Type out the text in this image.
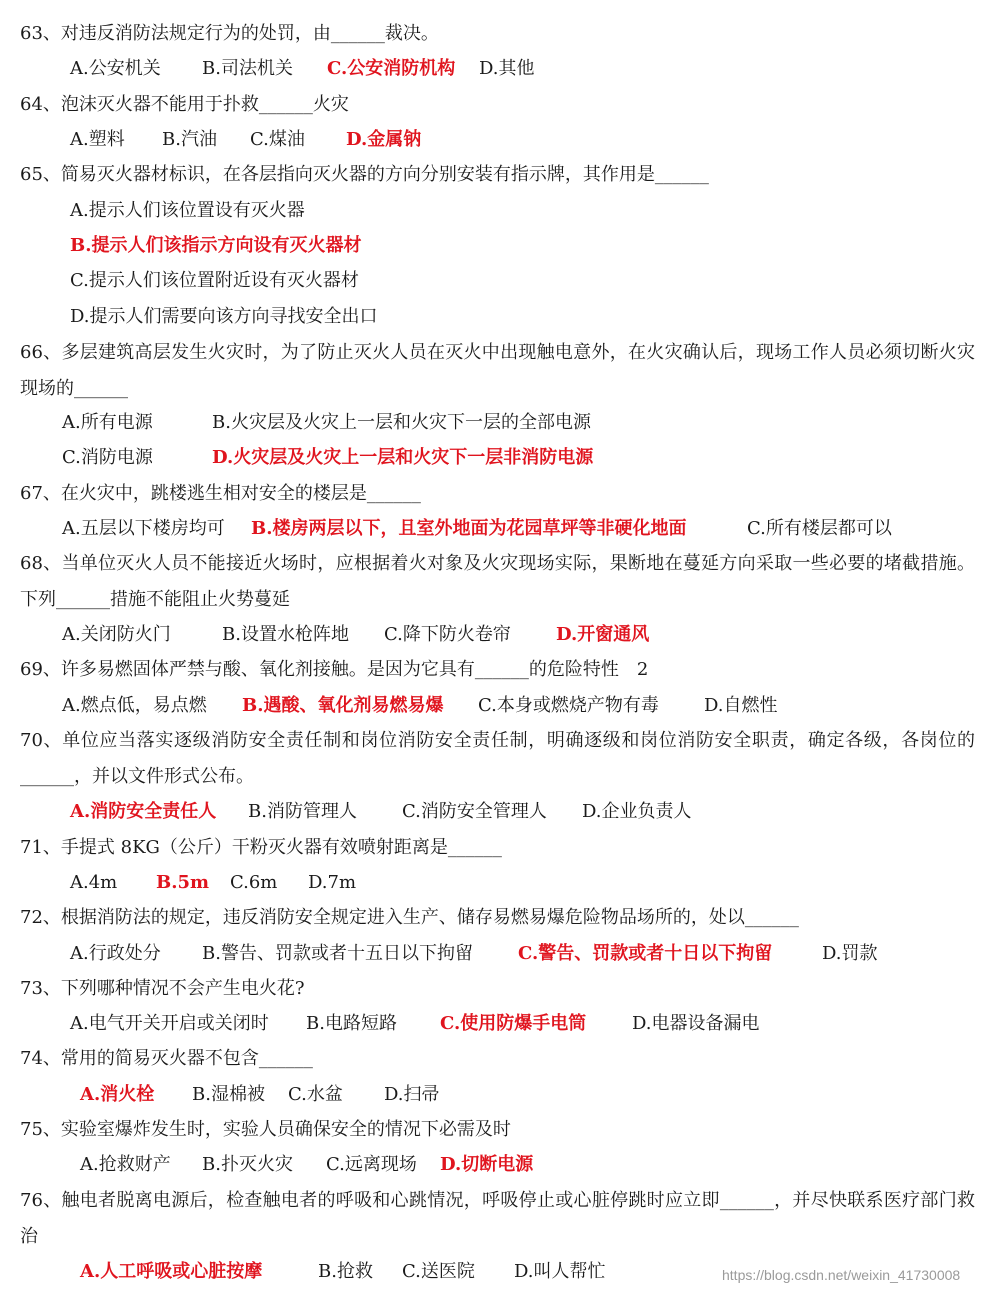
63、对违反消防法规定行为的处罚，由______裁决。
A.公安机关 B.司法机关 C.公安消防机构 D.其他
64、泡沫灭火器不能用于扑救______火灾
A.塑料 B.汽油 C.煤油 D.金属钠
65、简易灭火器材标识，在各层指向灭火器的方向分别安装有指示牌，其作用是______
A.提示人们该位置设有灭火器
B.提示人们该指示方向设有灭火器材
C.提示人们该位置附近设有灭火器材
D.提示人们需要向该方向寻找安全出口
66、多层建筑高层发生火灾时，为了防止灭火人员在灭火中出现触电意外，在火灾确认后，现场工作人员必须切断火灾现场的______
A.所有电源	B.火灾层及火灾上一层和火灾下一层的全部电源
C.消防电源	D.火灾层及火灾上一层和火灾下一层非消防电源
67、在火灾中，跳楼逃生相对安全的楼层是______
A.五层以下楼房均可 B.楼房两层以下，且室外地面为花园草坪等非硬化地面	C.所有楼层都可以
68、当单位灭火人员不能接近火场时，应根据着火对象及火灾现场实际，果断地在蔓延方向采取一些必要的堵截措施。下列______措施不能阻止火势蔓延
A.关闭防火门	B.设置水枪阵地 C.降下防火卷帘	D.开窗通风
69、许多易燃固体严禁与酸、氧化剂接触。是因为它具有______的危险特性　2
A.燃点低，易点燃 B.遇酸、氧化剂易燃易爆 C.本身或燃烧产物有毒	D.自燃性
70、单位应当落实逐级消防安全责任制和岗位消防安全责任制，明确逐级和岗位消防安全职责，确定各级，各岗位的______，并以文件形式公布。
A.消防安全责任人 B.消防管理人	C.消防安全管理人 D.企业负责人
71、手提式 8KG（公斤）干粉灭火器有效喷射距离是______
A.4m B.5m C.6m D.7m
72、根据消防法的规定，违反消防安全规定进入生产、储存易燃易爆危险物品场所的，处以______
A.行政处分 B.警告、罚款或者十五日以下拘留	C.警告、罚款或者十日以下拘留	D.罚款
73、下列哪种情况不会产生电火花?
A.电气开关开启或关闭时 B.电路短路 C.使用防爆手电筒	D.电器设备漏电
74、常用的简易灭火器不包含______
A.消火栓 B.湿棉被 C.水盆 D.扫帚
75、实验室爆炸发生时，实验人员确保安全的情况下必需及时
A.抢救财产 B.扑灭火灾 C.远离现场 D.切断电源
76、触电者脱离电源后，检查触电者的呼吸和心跳情况，呼吸停止或心脏停跳时应立即______，并尽快联系医疗部门救治
A.人工呼吸或心脏按摩	B.抢救 C.送医院 D.叫人帮忙	https://blog.csdn.net/weixin_41730008
